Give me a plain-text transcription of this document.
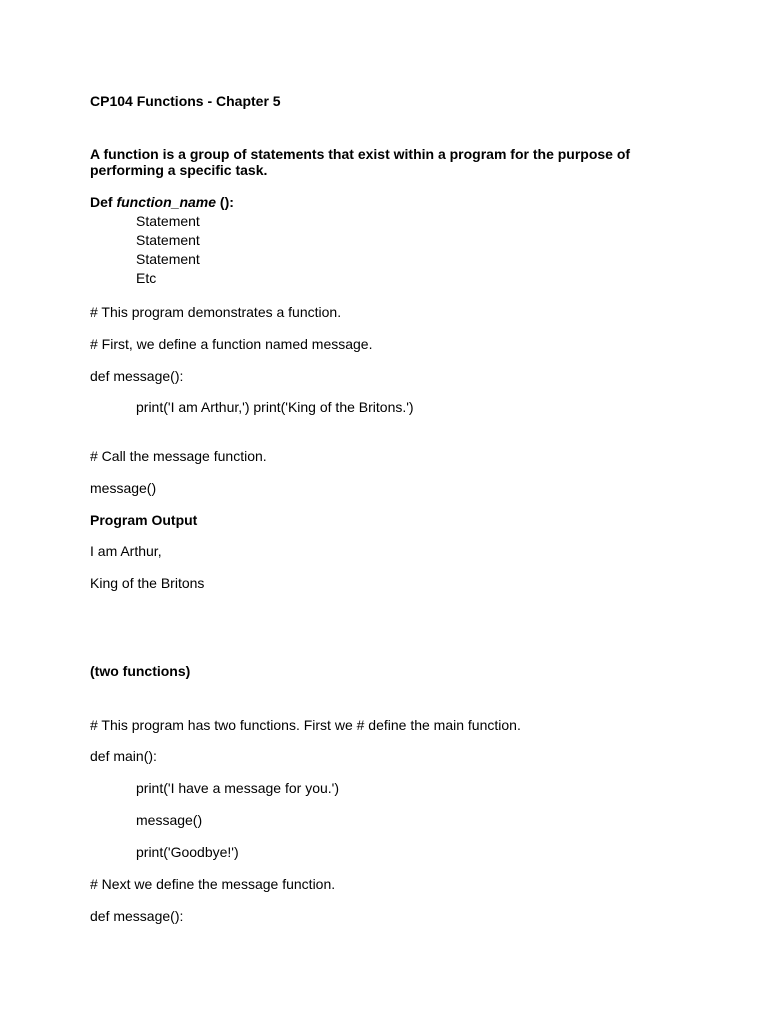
CP104 Functions - Chapter 5

A function is a group of statements that exist within a program for the purpose of
performing a specific task.

Def function_name ():

Statement

Statement

Statement

Etc

# This program demonstrates a function.

# First, we define a function named message.

def message():

print('I am Arthur,') print('King of the Britons.')

# Call the message function.

message()

Program Output

I am Arthur,

King of the Britons

(two functions)

# This program has two functions. First we # define the main function.

def main():

print('I have a message for you.')

message()

print('Goodbye!')

# Next we define the message function.

def message():
